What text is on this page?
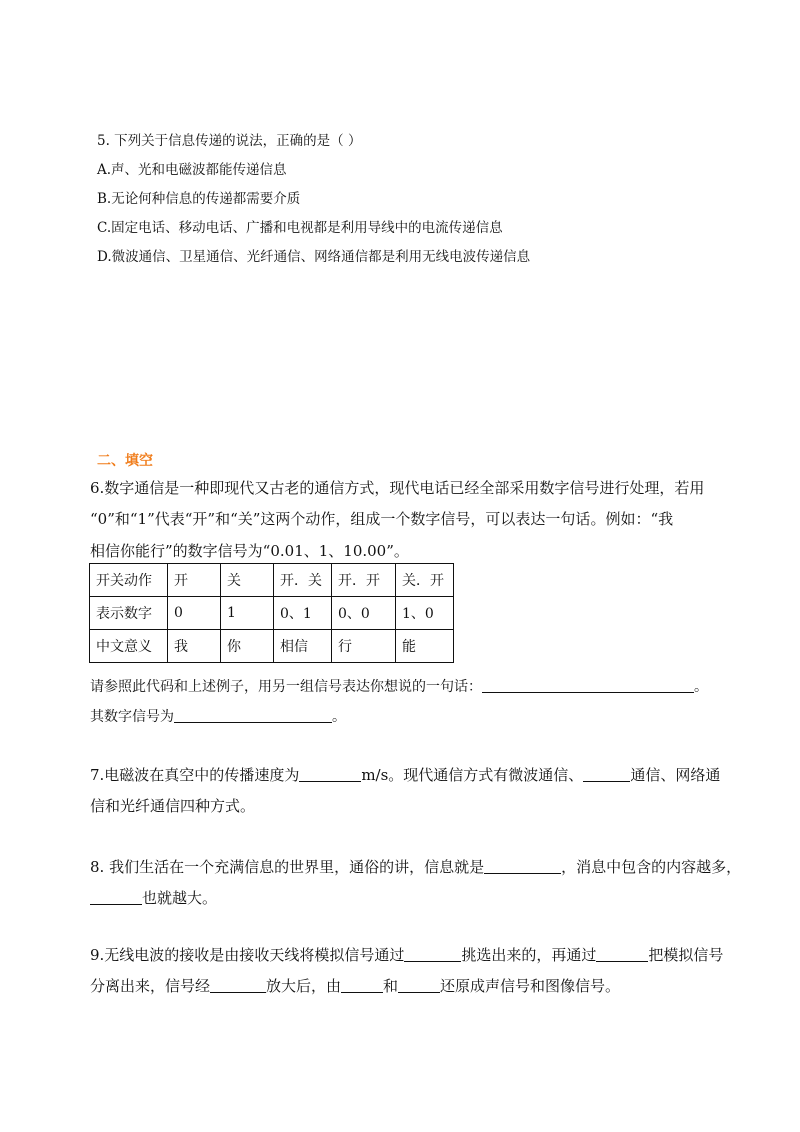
5. 下列关于信息传递的说法，正确的是（ ）
A.声、光和电磁波都能传递信息
B.无论何种信息的传递都需要介质
C.固定电话、移动电话、广播和电视都是利用导线中的电流传递信息
D.微波通信、卫星通信、光纤通信、网络通信都是利用无线电波传递信息
二、填空
6.数字通信是一种即现代又古老的通信方式，现代电话已经全部采用数字信号进行处理，若用
“0”和“1”代表“开”和“关”这两个动作，组成一个数字信号，可以表达一句话。例如：“我
相信你能行”的数字信号为“0.01、1、10.00”。
开关动作	开	关	开．关	开．开	关．开
表示数字	0	1	0、1	0、0	1、0
中文意义	我	你	相信	行	能
请参照此代码和上述例子，用另一组信号表达你想说的一句话：	。
其数字信号为	。
7.电磁波在真空中的传播速度为	m/s。现代通信方式有微波通信、	通信、网络通
信和光纤通信四种方式。
8. 我们生活在一个充满信息的世界里，通俗的讲，信息就是	，消息中包含的内容越多，
也就越大。
9.无线电波的接收是由接收天线将模拟信号通过	挑选出来的，再通过	把模拟信号
分离出来，信号经	放大后，由	和	还原成声信号和图像信号。
